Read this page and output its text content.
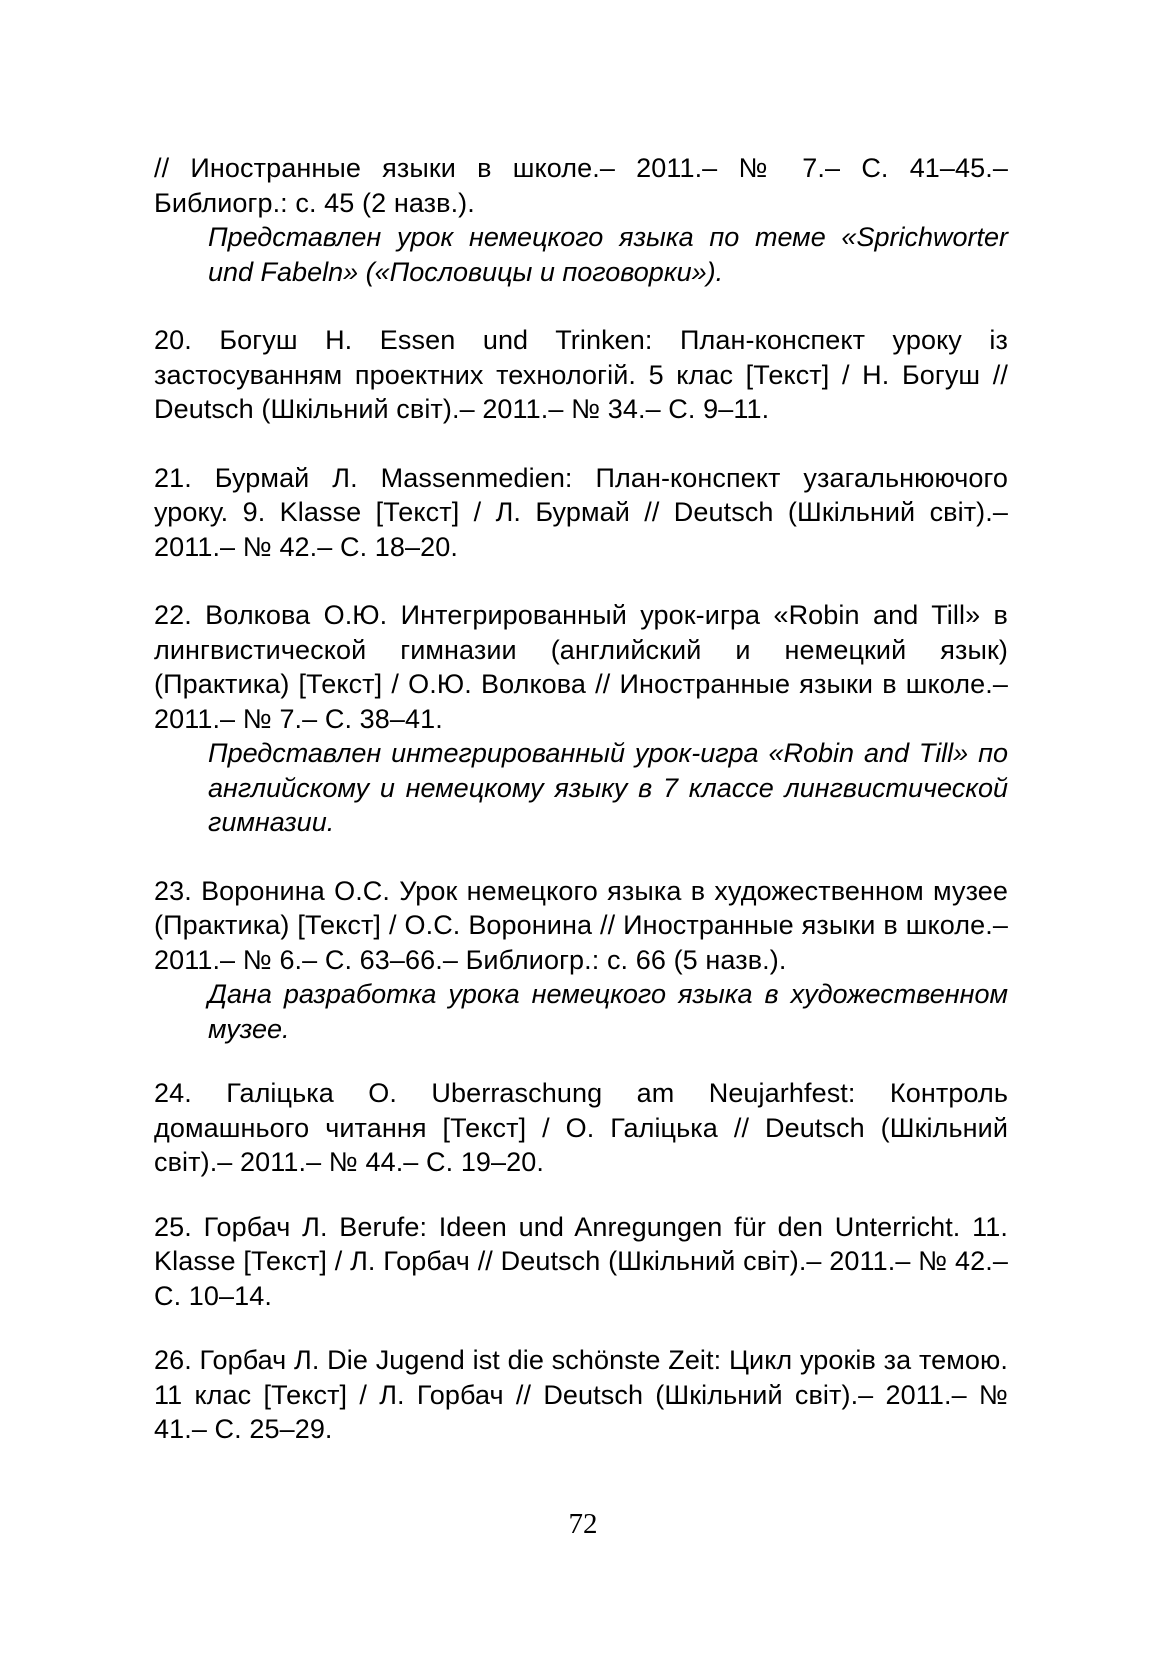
// Иностранные языки в школе.– 2011.– № 7.– С. 41–45.– Библиогр.: с. 45 (2 назв.).

Представлен урок немецкого языка по теме «Sprichworter und Fabeln» («Пословицы и поговорки»).

20. Богуш Н. Essen und Trinken: План-конспект уроку із застосуванням проектних технологій. 5 клас [Текст] / Н. Богуш // Deutsch (Шкільний світ).– 2011.– № 34.– С. 9–11.

21. Бурмай Л. Massenmedien: План-конспект узагальнюючого уроку. 9. Klasse [Текст] / Л. Бурмай // Deutsch (Шкільний світ).– 2011.– № 42.– С. 18–20.

22. Волкова О.Ю. Интегрированный урок-игра «Robin and Till» в лингвистической гимназии (английский и немецкий язык) (Практика) [Текст] / О.Ю. Волкова // Иностранные языки в школе.– 2011.– № 7.– С. 38–41.

Представлен интегрированный урок-игра «Robin and Till» по английскому и немецкому языку в 7 классе лингвистической гимназии.

23. Воронина О.С. Урок немецкого языка в художественном музее (Практика) [Текст] / О.С. Воронина // Иностранные языки в школе.– 2011.– № 6.– С. 63–66.– Библиогр.: с. 66 (5 назв.).

Дана разработка урока немецкого языка в художественном музее.

24. Галіцька О. Uberraschung am Neujarhfest: Контроль домашнього читання [Текст] / О. Галіцька // Deutsch (Шкільний світ).– 2011.– № 44.– С. 19–20.

25. Горбач Л. Berufe: Ideen und Anregungen für den Unterricht. 11. Klasse [Текст] / Л. Горбач // Deutsch (Шкільний світ).– 2011.– № 42.– С. 10–14.

26. Горбач Л. Die Jugend ist die schönste Zeit: Цикл уроків за темою. 11 клас [Текст] / Л. Горбач // Deutsch (Шкільний світ).– 2011.– № 41.– С. 25–29.

72
